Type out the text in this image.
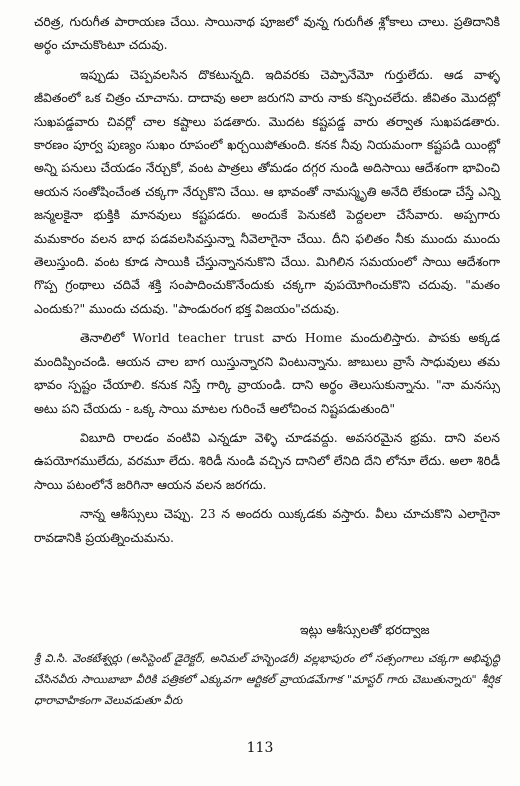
చరిత్ర, గురుగీత పారాయణ చేయి. సాయినాథ పూజలో వున్న గురుగీత శ్లోకాలు చాలు. ప్రతిదానికి అర్థం చూచుకొంటూ చదువు.

ఇప్పుడు చెప్పవలసిన దొకటున్నది. ఇదివరకు చెప్పానేమో గుర్తులేదు. ఆడ వాళ్ళ జీవితంలో ఒక చిత్రం చూచాను. దాదావు అలా జరుగని వారు నాకు కన్పించలేదు. జీవితం మొదట్లో సుఖపడ్డవారు చివర్లో చాల కష్టాలు పడతారు. మొదట కష్టపడ్డ వారు తర్వాత సుఖపడతారు. కారణం పూర్వ పుణ్యం సుఖం రూపంలో ఖర్చయిపోతుంది. కనక నీవు నియమంగా కష్టపడి యింట్లో అన్ని పనులు చేయడం నేర్చుకో, వంట పాత్రలు తోమడం దగ్గర నుండి అదిసాయి ఆదేశంగా భావించి ఆయన సంతోషించేంత చక్కగా నేర్చుకొని చేయి. ఆ భావంతో నామస్మృతి అనేది లేకుండా చేస్తే ఎన్ని జన్మలకైనా భుక్తికి మానవులు కష్టపడరు. అందుకే పెనుకటి పెద్దలలా చేసేవారు. అప్పగారు మమకారం వలన బాధ పడవలసివస్తున్నా నీవెలాగైనా చేయి. దీని ఫలితం నీకు ముందు ముందు తెలుస్తుంది. వంట కూడ సాయికి చేస్తున్నాననుకొని చేయి. మిగిలిన సమయంలో సాయి ఆదేశంగా గొప్ప గ్రంథాలు చదివే శక్తి సంపాదించుకొనేందుకు చక్కగా వుపయోగించుకొని చదువు. "మతం ఎందుకు?" ముందు చదువు. "పాండురంగ భక్త విజయం"చదువు.

తెనాలిలో World teacher trust వారు Home మందులిస్తారు. పాపకు అక్కడ మందిప్పించండి. ఆయన చాల బాగ యిస్తున్నారని వింటున్నాను. జాబులు వ్రాసే సాధువులు తమ భావం స్పష్టం చేయాలి. కనుక నిస్తే గార్కి వ్రాయండి. దాని అర్థం తెలుసుకున్నాను. "నా మనస్సు అటు పని చేయదు - ఒక్క సాయి మాటల గురించే ఆలోచించ నిష్టపడుతుంది"

విబూది రాలడం వంటివి ఎన్నడూ వెళ్ళి చూడవద్దు. అవసరమైన భ్రమ. దాని వలన ఉపయోగములేదు, వరమూ లేదు. శిరిడీ నుండి వచ్చిన దానిలో లేనిది దేని లోనూ లేదు. అలా శిరిడీ సాయి పటంలోనే జరిగినా ఆయన వలన జరగదు.

నాన్న ఆశీస్సులు చెప్పు. 23 న అందరు యిక్కడకు వస్తారు. వీలు చూచుకొని ఎలాగైనా రావడానికి ప్రయత్నించుమను.

ఇట్లు ఆశీస్సులతో భరద్వాజ

శ్రీ వి.సి. వెంకటేశ్వర్లు (అసిస్టెంట్ డైరెక్టర్, అనిమల్ హస్బెండరీ) వల్లభాపురం లో సత్సంగాలు చక్కగా అభివృద్ధి చేసినవీరు సాయిబాబా వీరికి పత్రికలో ఎక్కువగా ఆర్టికల్ వ్రాయడమేగాక "మాస్టర్ గారు చెబుతున్నారు" శీర్షిక ధారావాహికంగా వెలువడుతూ వీరు

113
